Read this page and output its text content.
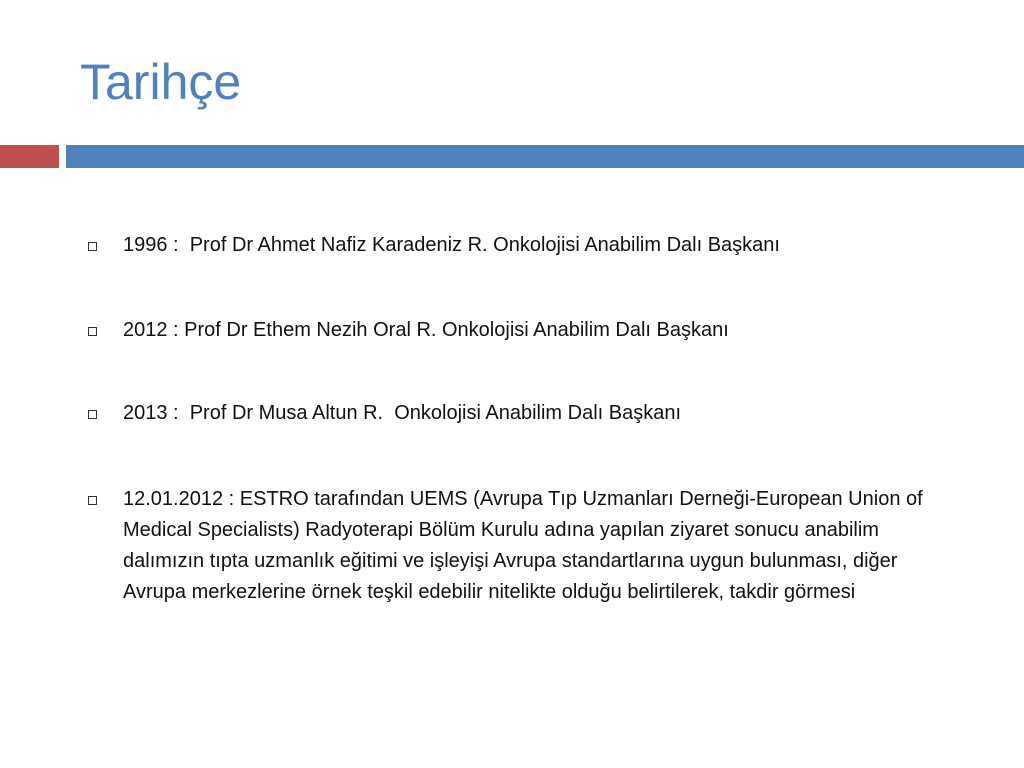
Tarihçe
1996 :  Prof Dr Ahmet Nafiz Karadeniz R. Onkolojisi Anabilim Dalı Başkanı
2012 : Prof Dr Ethem Nezih Oral R. Onkolojisi Anabilim Dalı Başkanı
2013 :  Prof Dr Musa Altun R.  Onkolojisi Anabilim Dalı Başkanı
12.01.2012 : ESTRO tarafından UEMS (Avrupa Tıp Uzmanları Derneği-European Union of Medical Specialists) Radyoterapi Bölüm Kurulu adına yapılan ziyaret sonucu anabilim dalımızın tıpta uzmanlık eğitimi ve işleyişi Avrupa standartlarına uygun bulunması, diğer Avrupa merkezlerine örnek teşkil edebilir nitelikte olduğu belirtilerek, takdir görmesi
